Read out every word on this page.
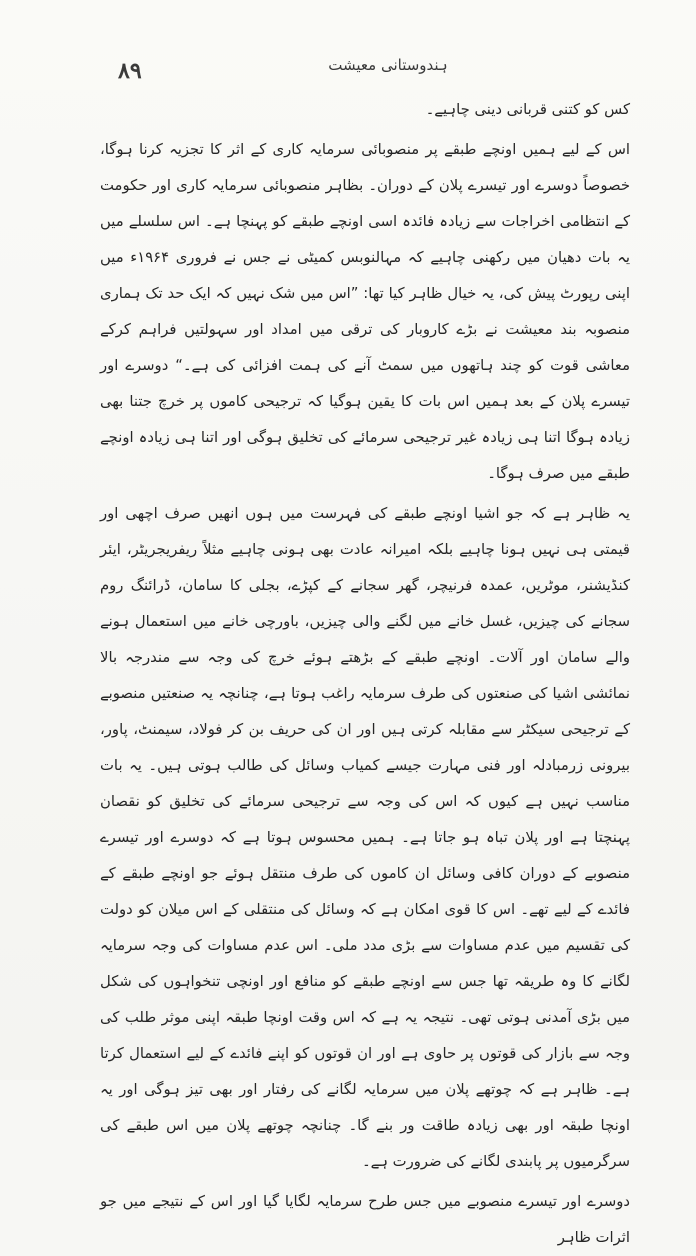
۸۹	ہندوستانی معیشت

کس کو کتنی قربانی دینی چاہیے۔

اس کے لیے ہمیں اونچے طبقے پر منصوبائی سرمایہ کاری کے اثر کا تجزیہ کرنا ہوگا، خصوصاً دوسرے اور تیسرے پلان کے دوران۔ بظاہر منصوبائی سرمایہ کاری اور حکومت کے انتظامی اخراجات سے زیادہ فائدہ اسی اونچے طبقے کو پہنچا ہے۔ اس سلسلے میں یہ بات دھیان میں رکھنی چاہیے کہ مہالنوبس کمیٹی نے جس نے فروری ۱۹۶۴ء میں اپنی رپورٹ پیش کی، یہ خیال ظاہر کیا تھا: ”اس میں شک نہیں کہ ایک حد تک ہماری منصوبہ بند معیشت نے بڑے کاروبار کی ترقی میں امداد اور سہولتیں فراہم کرکے معاشی قوت کو چند ہاتھوں میں سمٹ آنے کی ہمت افزائی کی ہے۔“ دوسرے اور تیسرے پلان کے بعد ہمیں اس بات کا یقین ہوگیا کہ ترجیحی کاموں پر خرچ جتنا بھی زیادہ ہوگا اتنا ہی زیادہ غیر ترجیحی سرمائے کی تخلیق ہوگی اور اتنا ہی زیادہ اونچے طبقے میں صرف ہوگا۔

یہ ظاہر ہے کہ جو اشیا اونچے طبقے کی فہرست میں ہوں انھیں صرف اچھی اور قیمتی ہی نہیں ہونا چاہیے بلکہ امیرانہ عادت بھی ہونی چاہیے مثلاً ریفریجریٹر، ایئر کنڈیشنر، موٹریں، عمدہ فرنیچر، گھر سجانے کے کپڑے، بجلی کا سامان، ڈرائنگ روم سجانے کی چیزیں، غسل خانے میں لگنے والی چیزیں، باورچی خانے میں استعمال ہونے والے سامان اور آلات۔ اونچے طبقے کے بڑھتے ہوئے خرچ کی وجہ سے مندرجہ بالا نمائشی اشیا کی صنعتوں کی طرف سرمایہ راغب ہوتا ہے، چنانچہ یہ صنعتیں منصوبے کے ترجیحی سیکٹر سے مقابلہ کرتی ہیں اور ان کی حریف بن کر فولاد، سیمنٹ، پاور، بیرونی زرمبادلہ اور فنی مہارت جیسے کمیاب وسائل کی طالب ہوتی ہیں۔ یہ بات مناسب نہیں ہے کیوں کہ اس کی وجہ سے ترجیحی سرمائے کی تخلیق کو نقصان پہنچتا ہے اور پلان تباہ ہو جاتا ہے۔ ہمیں محسوس ہوتا ہے کہ دوسرے اور تیسرے منصوبے کے دوران کافی وسائل ان کاموں کی طرف منتقل ہوئے جو اونچے طبقے کے فائدے کے لیے تھے۔ اس کا قوی امکان ہے کہ وسائل کی منتقلی کے اس میلان کو دولت کی تقسیم میں عدم مساوات سے بڑی مدد ملی۔ اس عدم مساوات کی وجہ سرمایہ لگانے کا وہ طریقہ تھا جس سے اونچے طبقے کو منافع اور اونچی تنخواہوں کی شکل میں بڑی آمدنی ہوتی تھی۔ نتیجہ یہ ہے کہ اس وقت اونچا طبقہ اپنی موثر طلب کی وجہ سے بازار کی قوتوں پر حاوی ہے اور ان قوتوں کو اپنے فائدے کے لیے استعمال کرتا ہے۔ ظاہر ہے کہ چوتھے پلان میں سرمایہ لگانے کی رفتار اور بھی تیز ہوگی اور یہ اونچا طبقہ اور بھی زیادہ طاقت ور بنے گا۔ چنانچہ چوتھے پلان میں اس طبقے کی سرگرمیوں پر پابندی لگانے کی ضرورت ہے۔

دوسرے اور تیسرے منصوبے میں جس طرح سرمایہ لگایا گیا اور اس کے نتیجے میں جو اثرات ظاہر
